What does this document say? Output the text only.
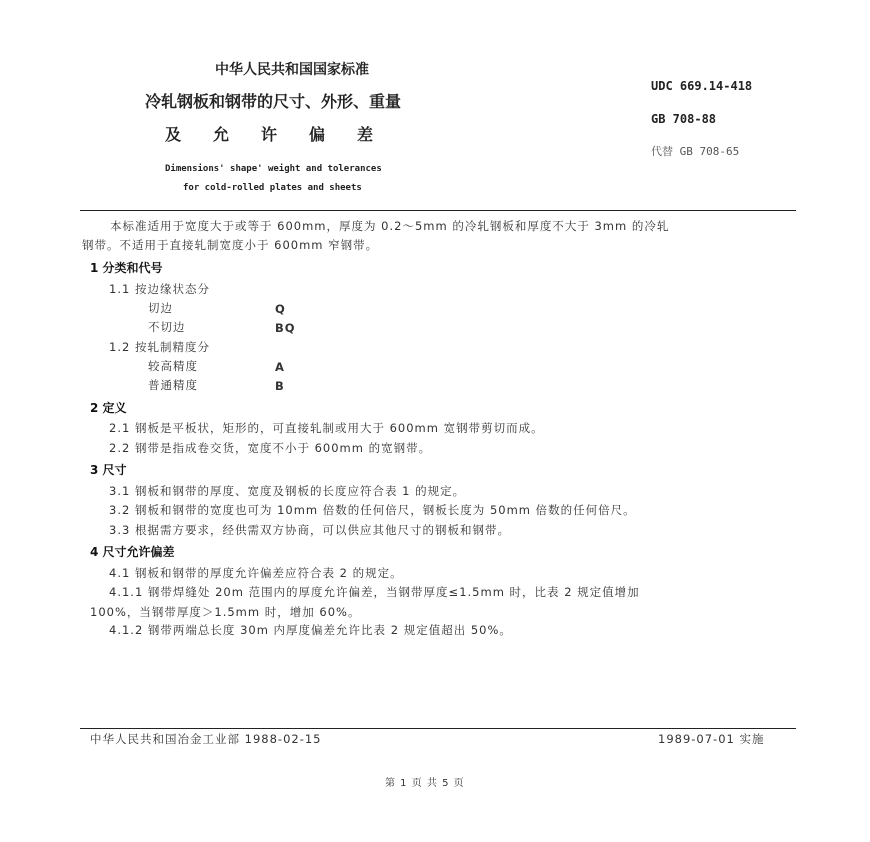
中华人民共和国国家标准
冷轧钢板和钢带的尺寸、外形、重量
及　　允　　许　　偏　　差
Dimensions' shape' weight and tolerances
for cold-rolled plates and sheets
UDC 669.14-418
GB 708-88
代替 GB 708-65
本标准适用于宽度大于或等于 600mm，厚度为 0.2～5mm 的冷轧钢板和厚度不大于 3mm 的冷轧
钢带。不适用于直接轧制宽度小于 600mm 窄钢带。
1 分类和代号
1.1 按边缘状态分
切边	Q
不切边	BQ
1.2 按轧制精度分
较高精度	A
普通精度	B
2 定义
2.1 钢板是平板状，矩形的，可直接轧制或用大于 600mm 宽钢带剪切而成。
2.2 钢带是指成卷交货，宽度不小于 600mm 的宽钢带。
3 尺寸
3.1 钢板和钢带的厚度、宽度及钢板的长度应符合表 1 的规定。
3.2 钢板和钢带的宽度也可为 10mm 倍数的任何倍尺，钢板长度为 50mm 倍数的任何倍尺。
3.3 根据需方要求，经供需双方协商，可以供应其他尺寸的钢板和钢带。
4 尺寸允许偏差
4.1 钢板和钢带的厚度允许偏差应符合表 2 的规定。
4.1.1 钢带焊缝处 20m 范围内的厚度允许偏差，当钢带厚度≤1.5mm 时，比表 2 规定值增加
100%，当钢带厚度＞1.5mm 时，增加 60%。
4.1.2 钢带两端总长度 30m 内厚度偏差允许比表 2 规定值超出 50%。
中华人民共和国冶金工业部 1988-02-15	1989-07-01 实施
第 1 页 共 5 页
